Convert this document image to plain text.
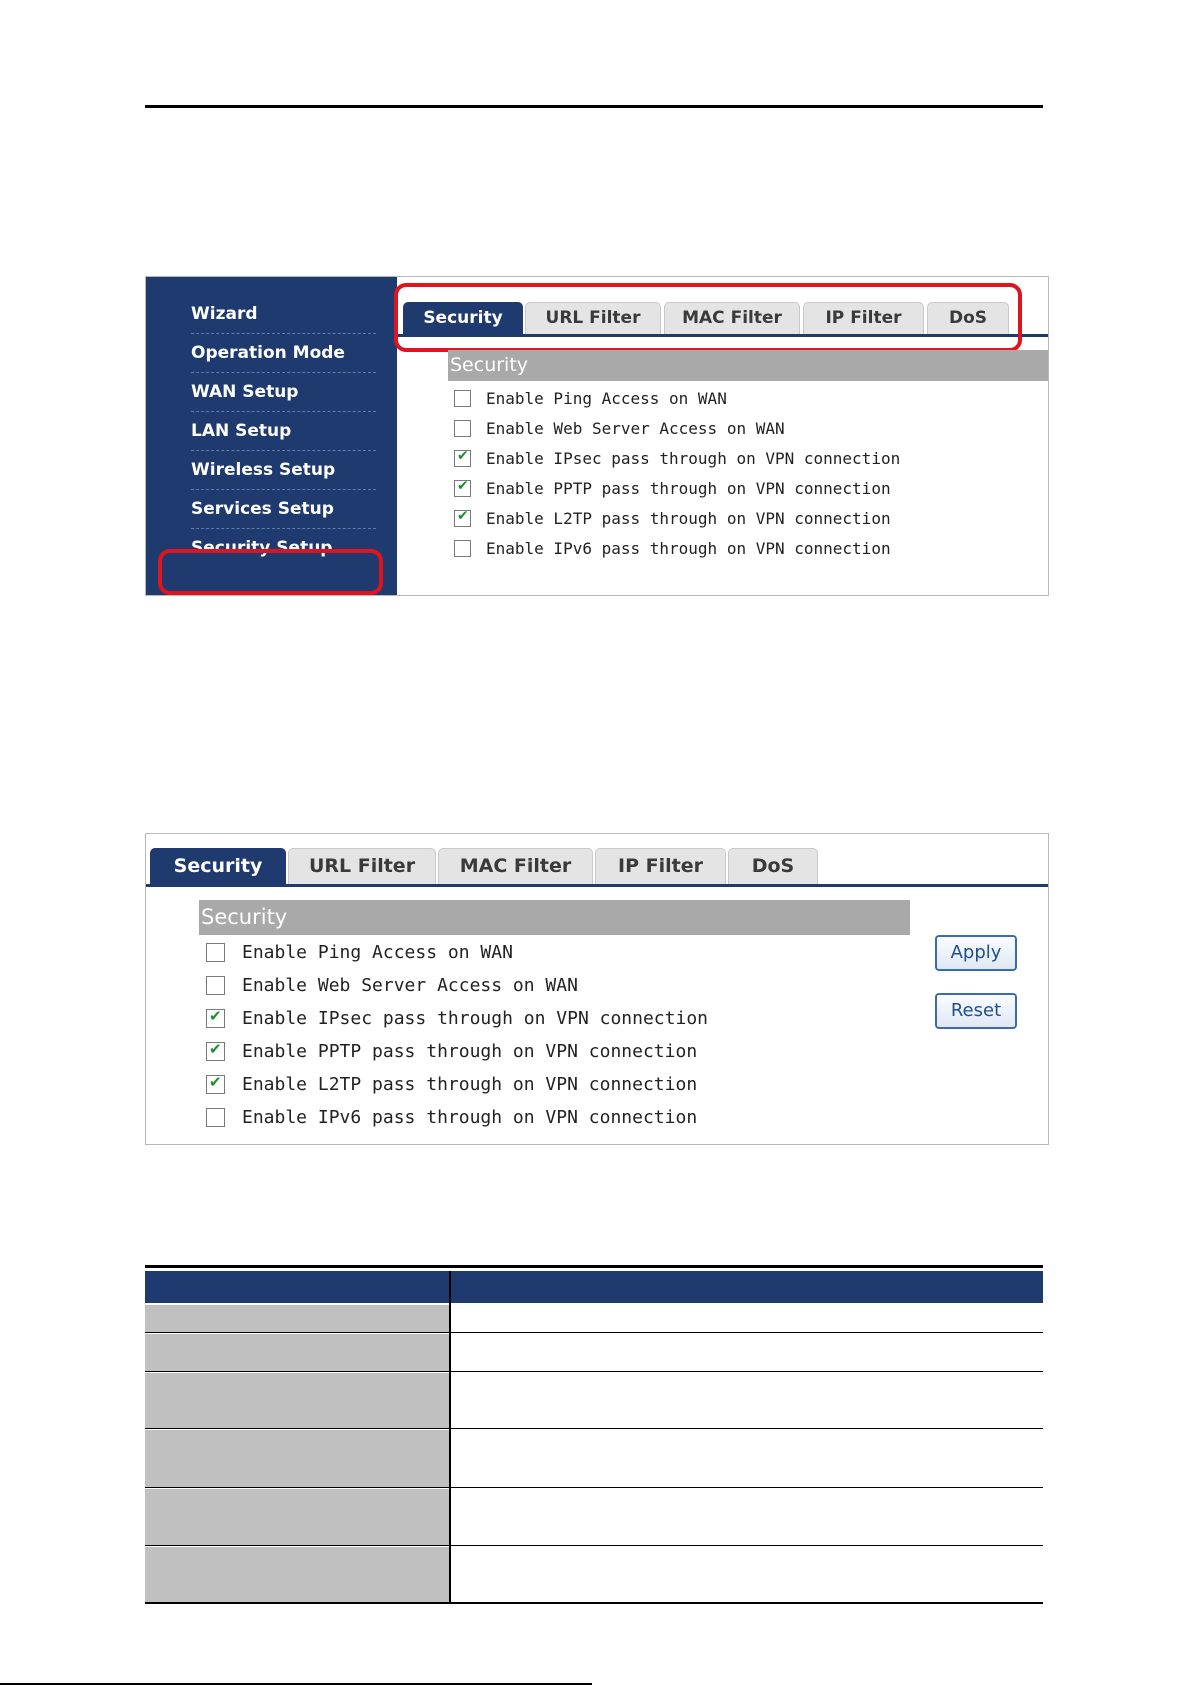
Wizard
Operation Mode
WAN Setup
LAN Setup
Wireless Setup
Services Setup
Security Setup
Security	URL Filter	MAC Filter	IP Filter	DoS
Security
Enable Ping Access on WAN
Enable Web Server Access on WAN
✔ Enable IPsec pass through on VPN connection
✔ Enable PPTP pass through on VPN connection
✔ Enable L2TP pass through on VPN connection
Enable IPv6 pass through on VPN connection
Security	URL Filter	MAC Filter	IP Filter	DoS
Security
Enable Ping Access on WAN
Enable Web Server Access on WAN
✔ Enable IPsec pass through on VPN connection
✔ Enable PPTP pass through on VPN connection
✔ Enable L2TP pass through on VPN connection
Enable IPv6 pass through on VPN connection
Apply
Reset
